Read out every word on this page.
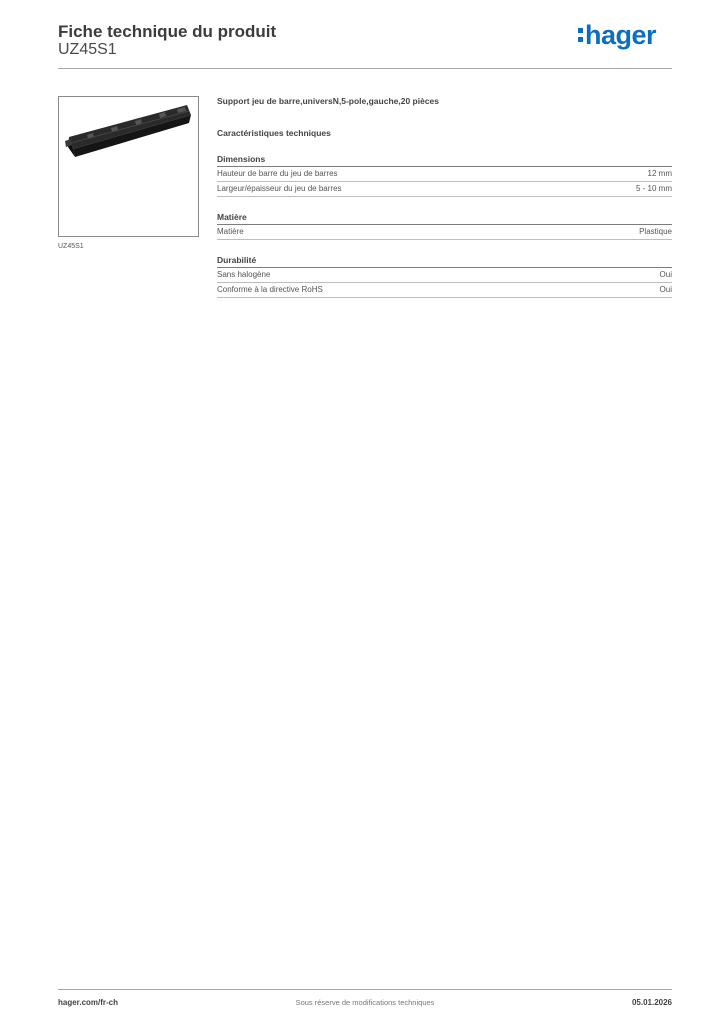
Fiche technique du produit
UZ45S1	hager
UZ45S1
Support jeu de barre,universN,5-pole,gauche,20 pièces
Caractéristiques techniques
Dimensions
Hauteur de barre du jeu de barres	12 mm
Largeur/épaisseur du jeu de barres	5 - 10 mm
Matière
Matière	Plastique
Durabilité
Sans halogène	Oui
Conforme à la directive RoHS	Oui
hager.com/fr-ch	Sous réserve de modifications techniques	05.01.2026
